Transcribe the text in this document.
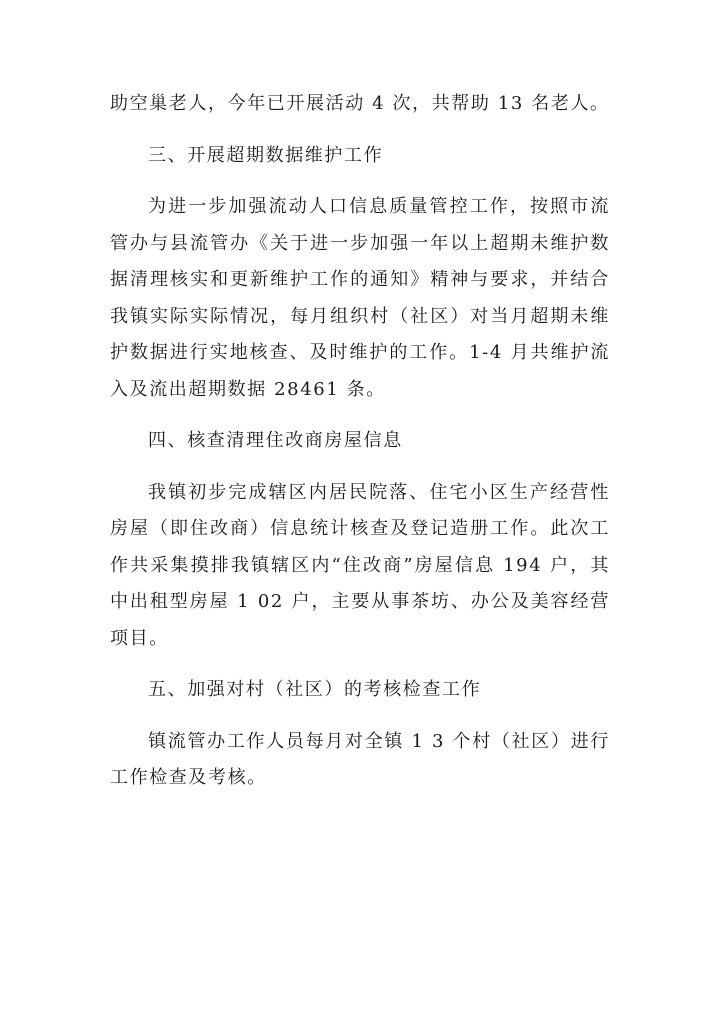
助空巢老人，今年已开展活动 4 次，共帮助 13 名老人。

三、开展超期数据维护工作

为进一步加强流动人口信息质量管控工作，按照市流管办与县流管办《关于进一步加强一年以上超期未维护数据清理核实和更新维护工作的通知》精神与要求，并结合我镇实际实际情况，每月组织村（社区）对当月超期未维护数据进行实地核查、及时维护的工作。1-4 月共维护流入及流出超期数据 28461 条。

四、核查清理住改商房屋信息

我镇初步完成辖区内居民院落、住宅小区生产经营性房屋（即住改商）信息统计核查及登记造册工作。此次工作共采集摸排我镇辖区内“住改商”房屋信息 194 户，其中出租型房屋 1 02 户，主要从事茶坊、办公及美容经营项目。

五、加强对村（社区）的考核检查工作

镇流管办工作人员每月对全镇 1 3 个村（社区）进行工作检查及考核。
